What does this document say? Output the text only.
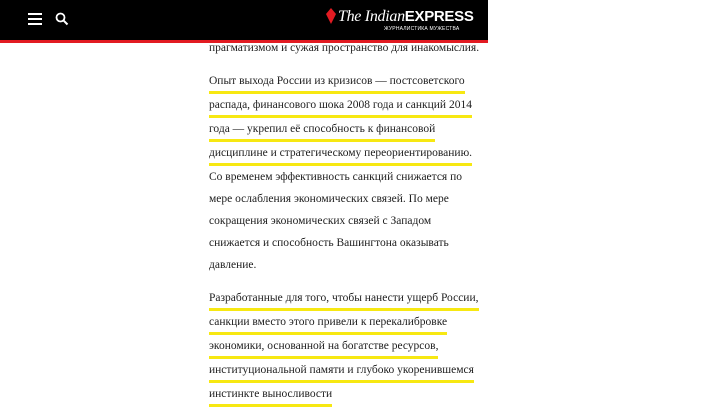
The IndianEXPRESS
ЖУРНАЛИСТИКА МУЖЕСТВА

прагматизмом и сужая пространство для инакомыслия.

Опыт выхода России из кризисов — постсоветского
распада, финансового шока 2008 года и санкций 2014
года — укрепил её способность к финансовой
дисциплине и стратегическому переориентированию.

Со временем эффективность санкций снижается по
мере ослабления экономических связей. По мере
сокращения экономических связей с Западом
снижается и способность Вашингтона оказывать
давление.

Разработанные для того, чтобы нанести ущерб России,
санкции вместо этого привели к перекалибровке
экономики, основанной на богатстве ресурсов,
институциональной памяти и глубоко укоренившемся
инстинкте выносливости
